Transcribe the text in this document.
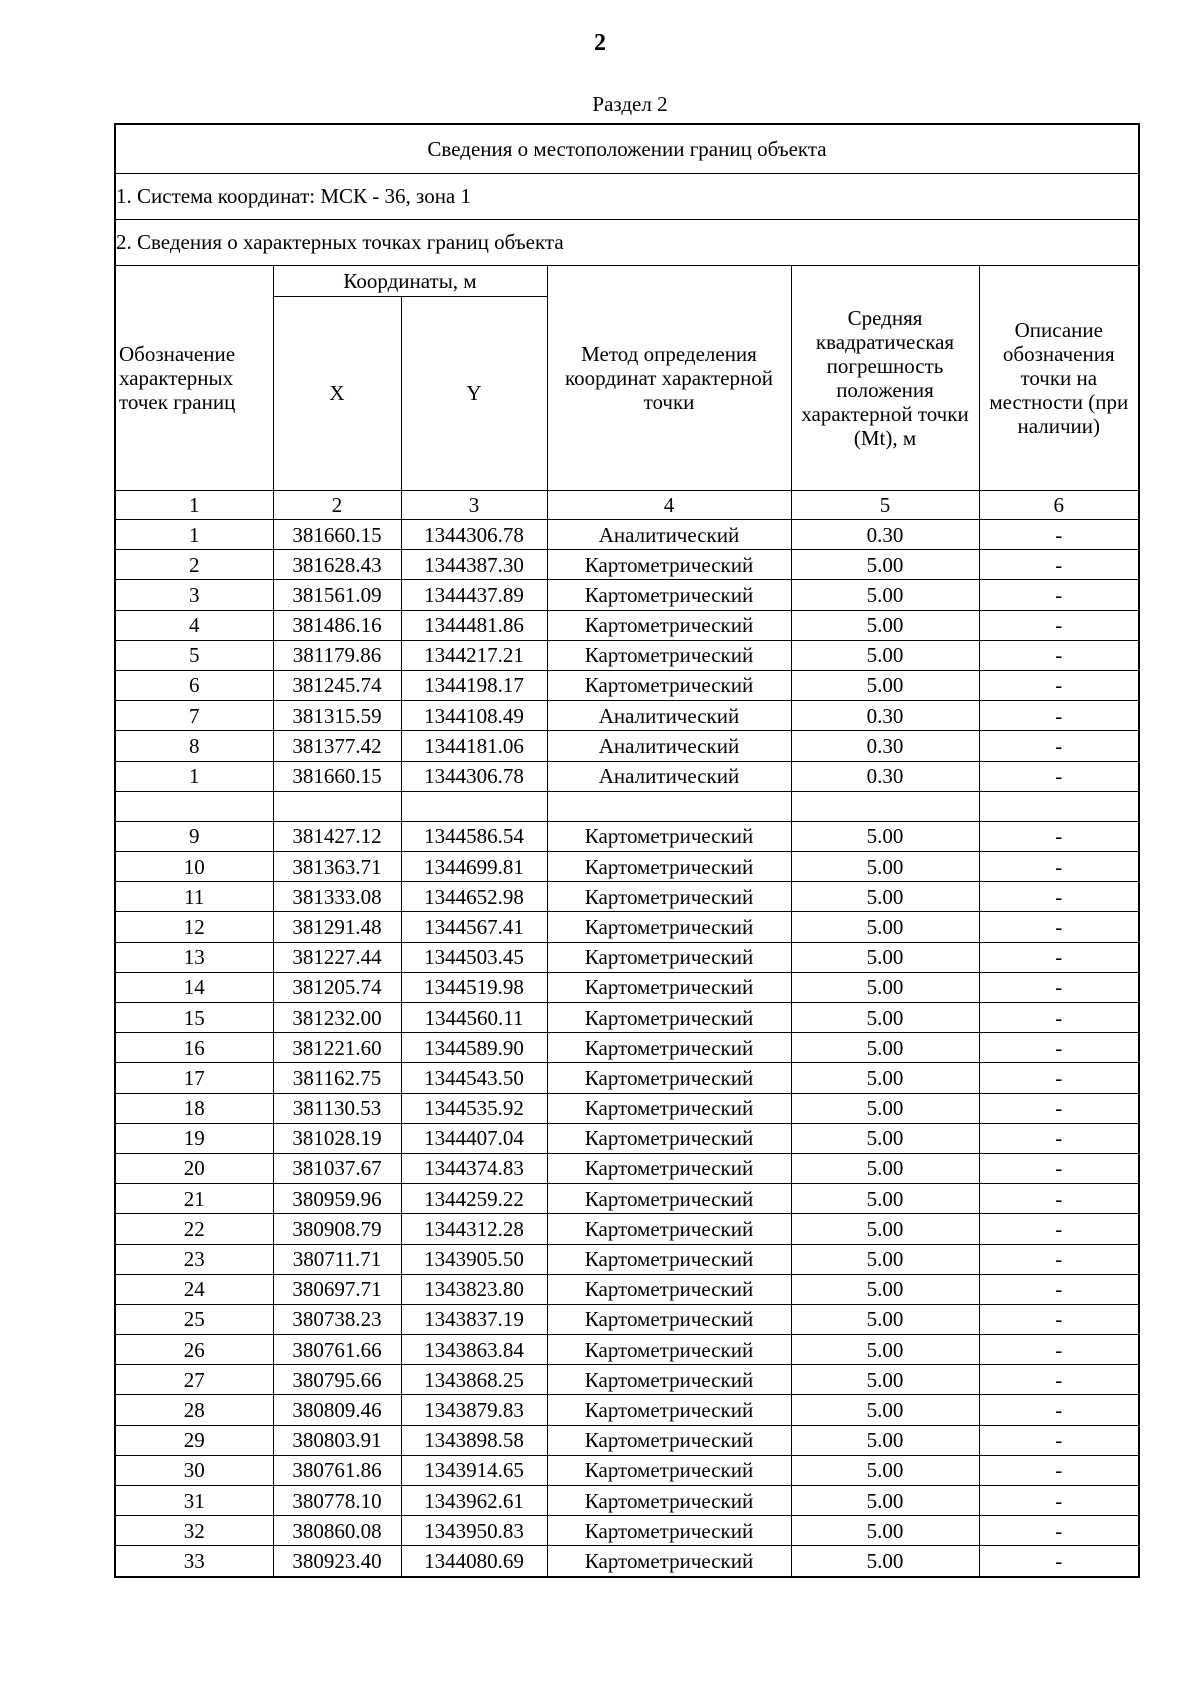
2
Раздел 2
Сведения о местоположении границ объекта					
1. Система координат: МСК - 36, зона 1					
2. Сведения о характерных точках границ объекта					
Обозначение характерных точек границ	Координаты, м		Метод определения координат характерной точки	Средняя квадратическая погрешность положения характерной точки (Mt), м	Описание обозначения точки на местности (при наличии)
	X	Y			
1	2	3	4	5	6
1	381660.15	1344306.78	Аналитический	0.30	-
2	381628.43	1344387.30	Картометрический	5.00	-
3	381561.09	1344437.89	Картометрический	5.00	-
4	381486.16	1344481.86	Картометрический	5.00	-
5	381179.86	1344217.21	Картометрический	5.00	-
6	381245.74	1344198.17	Картометрический	5.00	-
7	381315.59	1344108.49	Аналитический	0.30	-
8	381377.42	1344181.06	Аналитический	0.30	-
1	381660.15	1344306.78	Аналитический	0.30	-

9	381427.12	1344586.54	Картометрический	5.00	-
10	381363.71	1344699.81	Картометрический	5.00	-
11	381333.08	1344652.98	Картометрический	5.00	-
12	381291.48	1344567.41	Картометрический	5.00	-
13	381227.44	1344503.45	Картометрический	5.00	-
14	381205.74	1344519.98	Картометрический	5.00	-
15	381232.00	1344560.11	Картометрический	5.00	-
16	381221.60	1344589.90	Картометрический	5.00	-
17	381162.75	1344543.50	Картометрический	5.00	-
18	381130.53	1344535.92	Картометрический	5.00	-
19	381028.19	1344407.04	Картометрический	5.00	-
20	381037.67	1344374.83	Картометрический	5.00	-
21	380959.96	1344259.22	Картометрический	5.00	-
22	380908.79	1344312.28	Картометрический	5.00	-
23	380711.71	1343905.50	Картометрический	5.00	-
24	380697.71	1343823.80	Картометрический	5.00	-
25	380738.23	1343837.19	Картометрический	5.00	-
26	380761.66	1343863.84	Картометрический	5.00	-
27	380795.66	1343868.25	Картометрический	5.00	-
28	380809.46	1343879.83	Картометрический	5.00	-
29	380803.91	1343898.58	Картометрический	5.00	-
30	380761.86	1343914.65	Картометрический	5.00	-
31	380778.10	1343962.61	Картометрический	5.00	-
32	380860.08	1343950.83	Картометрический	5.00	-
33	380923.40	1344080.69	Картометрический	5.00	-
